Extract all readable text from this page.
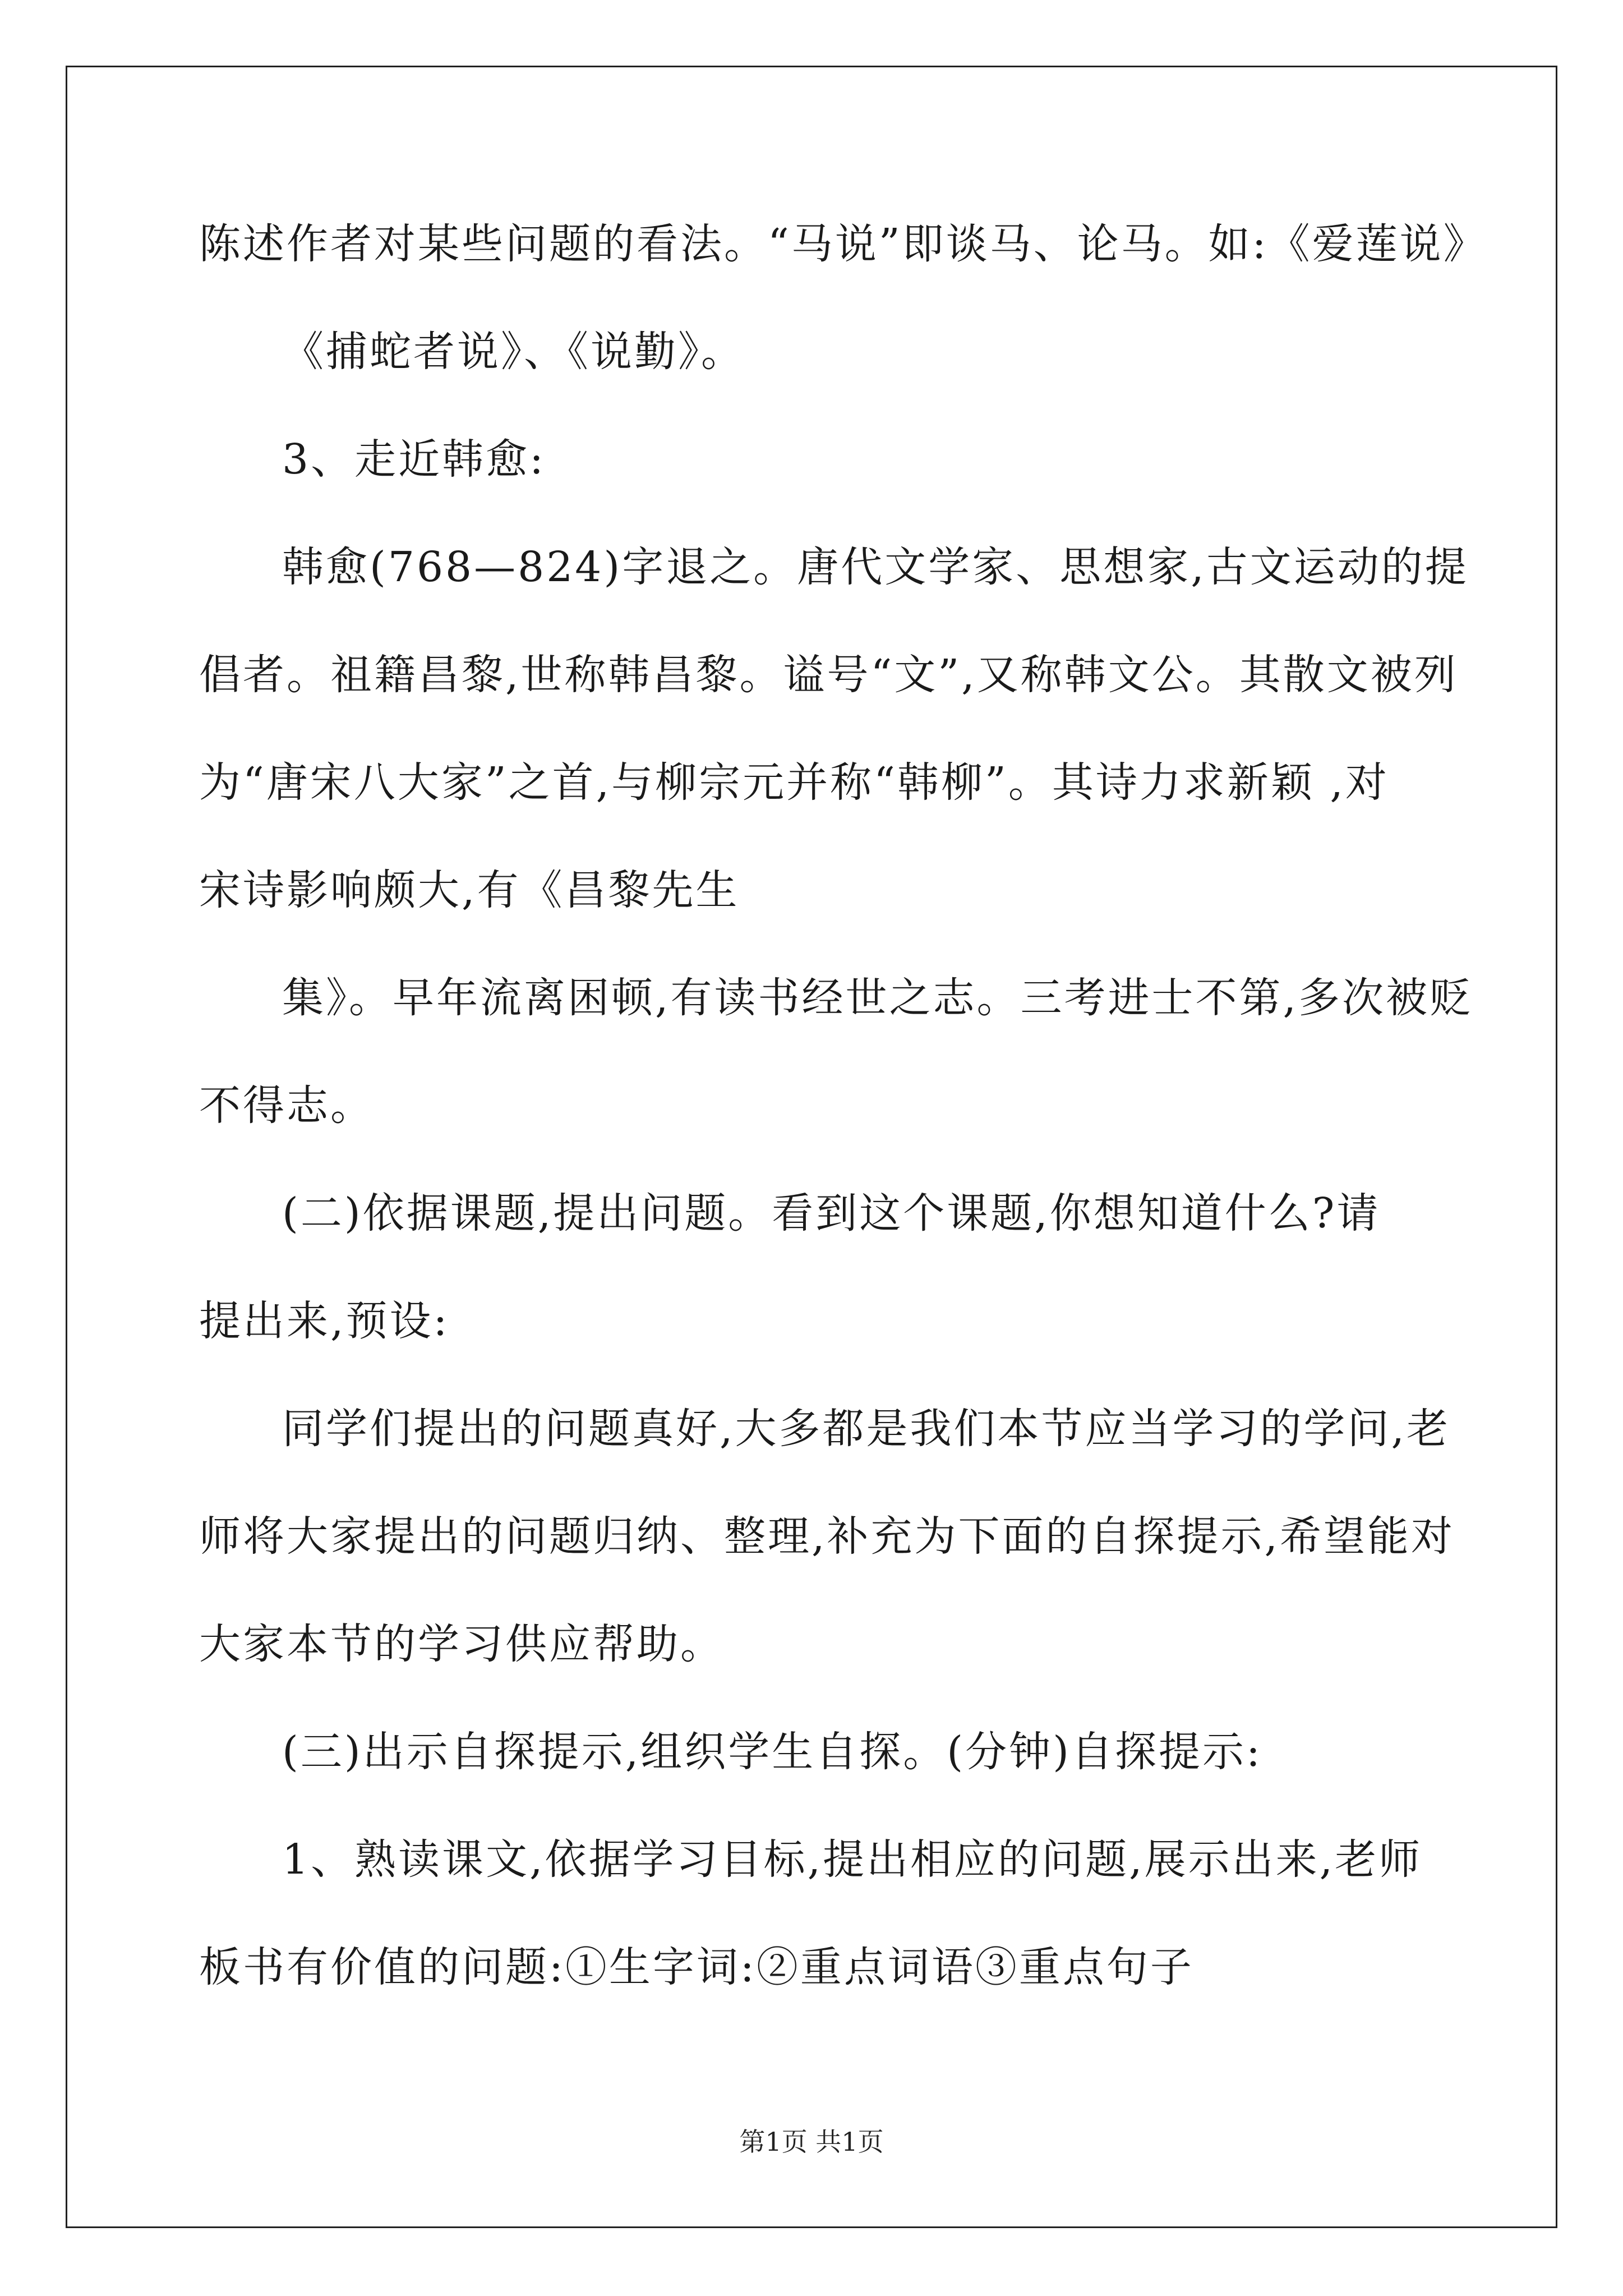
陈述作者对某些问题的看法。“马说”即谈马、论马。如:《爱莲说》
《捕蛇者说》、《说勤》。
3、走近韩愈:
韩愈(768—824)字退之。唐代文学家、思想家,古文运动的提
倡者。祖籍昌黎,世称韩昌黎。谥号“文”,又称韩文公。其散文被列
为“唐宋八大家”之首,与柳宗元并称“韩柳”。其诗力求新颖 ,对
宋诗影响颇大,有《昌黎先生
集》。早年流离困顿,有读书经世之志。三考进士不第,多次被贬
不得志。
(二)依据课题,提出问题。看到这个课题,你想知道什么?请
提出来,预设:
同学们提出的问题真好,大多都是我们本节应当学习的学问,老
师将大家提出的问题归纳、整理,补充为下面的自探提示,希望能对
大家本节的学习供应帮助。
(三)出示自探提示,组织学生自探。(分钟)自探提示:
1、熟读课文,依据学习目标,提出相应的问题,展示出来,老师
板书有价值的问题:①生字词:②重点词语③重点句子
第1页 共1页
